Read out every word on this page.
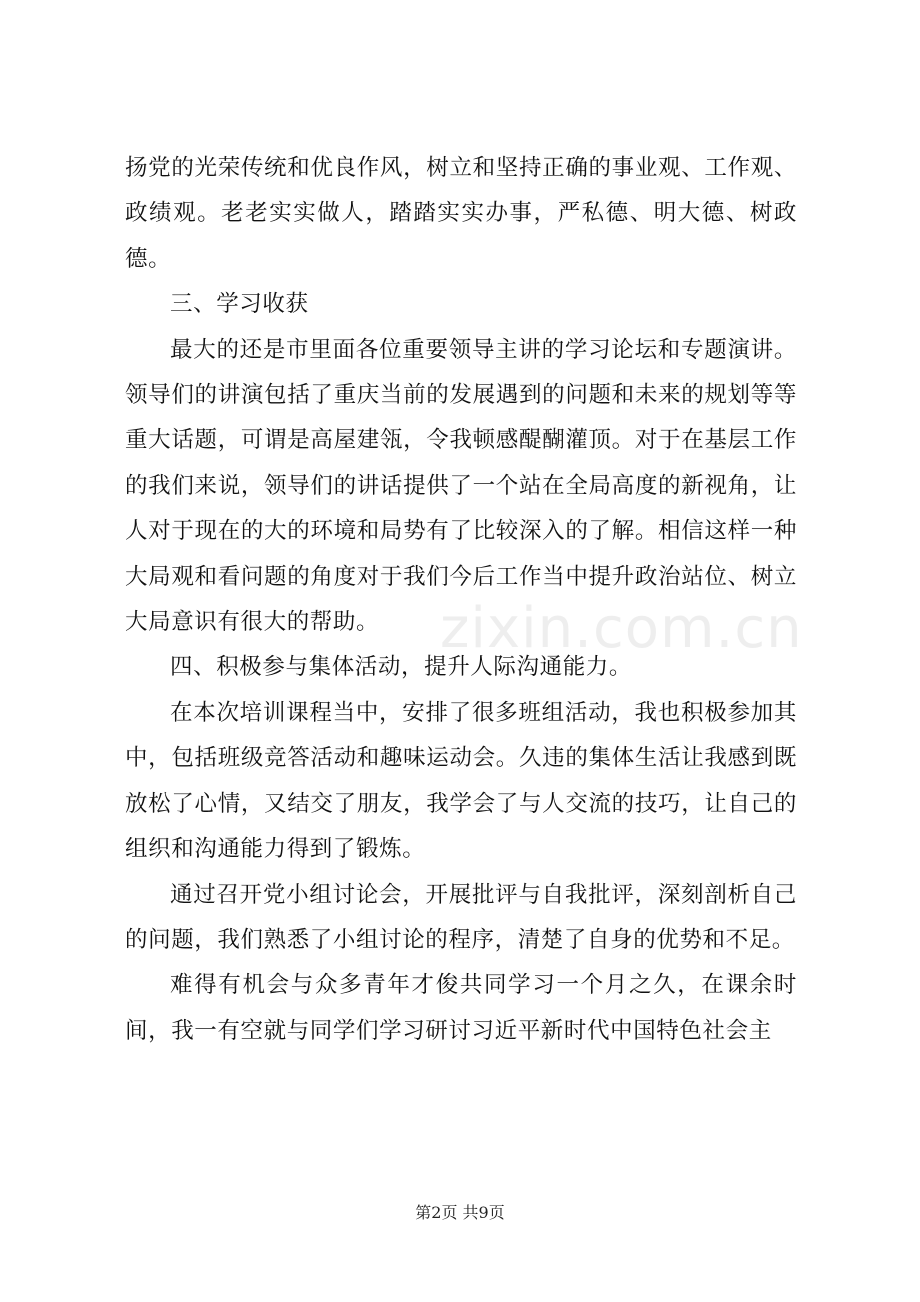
扬党的光荣传统和优良作风，树立和坚持正确的事业观、工作观、政绩观。老老实实做人，踏踏实实办事，严私德、明大德、树政德。

三、学习收获

最大的还是市里面各位重要领导主讲的学习论坛和专题演讲。领导们的讲演包括了重庆当前的发展遇到的问题和未来的规划等等重大话题，可谓是高屋建瓴，令我顿感醍醐灌顶。对于在基层工作的我们来说，领导们的讲话提供了一个站在全局高度的新视角，让人对于现在的大的环境和局势有了比较深入的了解。相信这样一种大局观和看问题的角度对于我们今后工作当中提升政治站位、树立大局意识有很大的帮助。

四、积极参与集体活动，提升人际沟通能力。

在本次培训课程当中，安排了很多班组活动，我也积极参加其中，包括班级竞答活动和趣味运动会。久违的集体生活让我感到既放松了心情，又结交了朋友，我学会了与人交流的技巧，让自己的组织和沟通能力得到了锻炼。

通过召开党小组讨论会，开展批评与自我批评，深刻剖析自己的问题，我们熟悉了小组讨论的程序，清楚了自身的优势和不足。

难得有机会与众多青年才俊共同学习一个月之久，在课余时间，我一有空就与同学们学习研讨习近平新时代中国特色社会主

zixin.com.cn
第2页 共9页
